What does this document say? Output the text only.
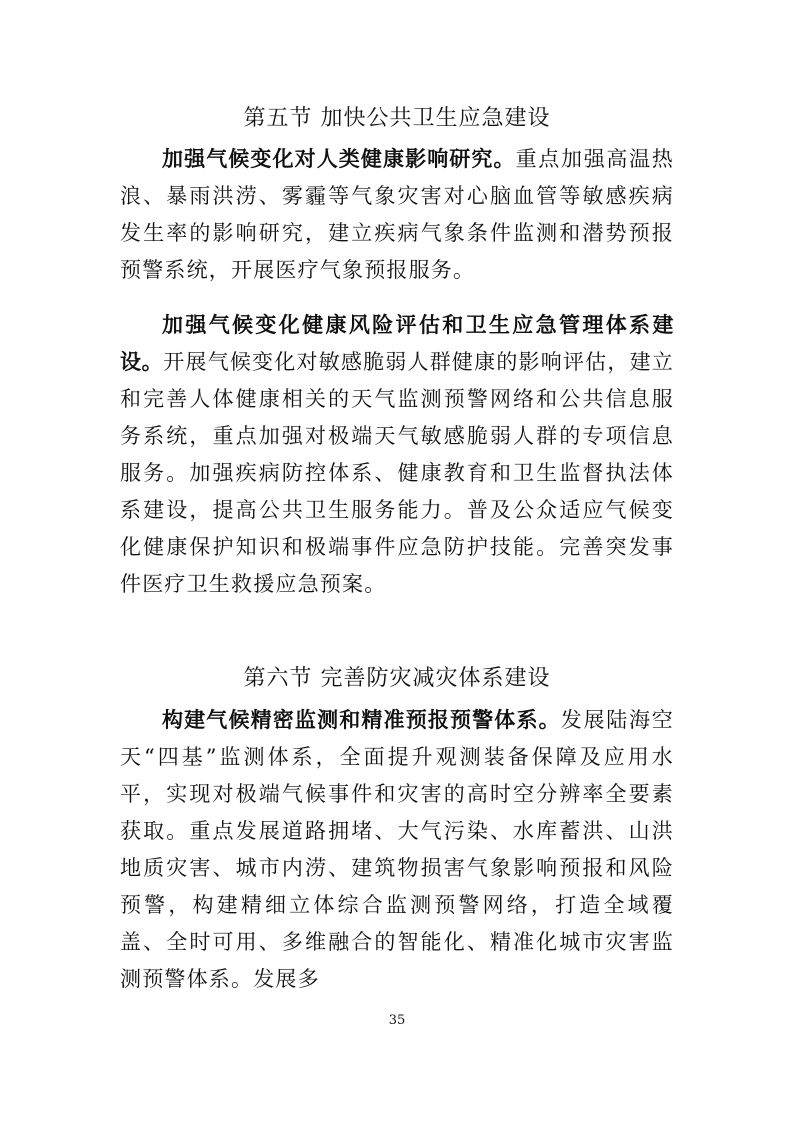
第五节 加快公共卫生应急建设

加强气候变化对人类健康影响研究。重点加强高温热浪、暴雨洪涝、雾霾等气象灾害对心脑血管等敏感疾病发生率的影响研究，建立疾病气象条件监测和潜势预报预警系统，开展医疗气象预报服务。

加强气候变化健康风险评估和卫生应急管理体系建设。开展气候变化对敏感脆弱人群健康的影响评估，建立和完善人体健康相关的天气监测预警网络和公共信息服务系统，重点加强对极端天气敏感脆弱人群的专项信息服务。加强疾病防控体系、健康教育和卫生监督执法体系建设，提高公共卫生服务能力。普及公众适应气候变化健康保护知识和极端事件应急防护技能。完善突发事件医疗卫生救援应急预案。

第六节 完善防灾减灾体系建设

构建气候精密监测和精准预报预警体系。发展陆海空天“四基”监测体系，全面提升观测装备保障及应用水平，实现对极端气候事件和灾害的高时空分辨率全要素获取。重点发展道路拥堵、大气污染、水库蓄洪、山洪地质灾害、城市内涝、建筑物损害气象影响预报和风险预警，构建精细立体综合监测预警网络，打造全域覆盖、全时可用、多维融合的智能化、精准化城市灾害监测预警体系。发展多

35
